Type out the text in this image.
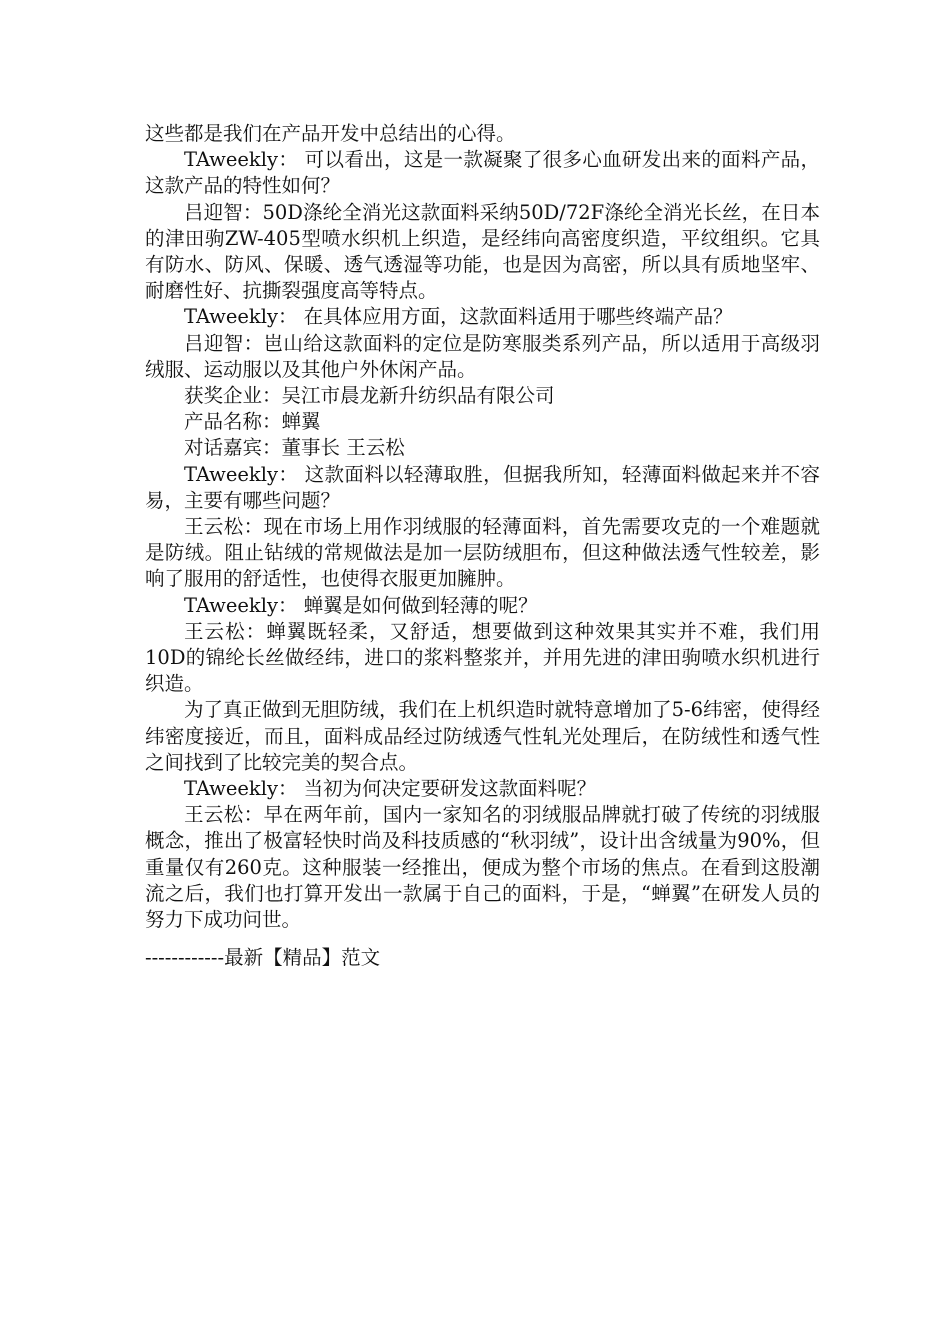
这些都是我们在产品开发中总结出的心得。

TAweekly： 可以看出，这是一款凝聚了很多心血研发出来的面料产品，这款产品的特性如何？

吕迎智：50D涤纶全消光这款面料采纳50D/72F涤纶全消光长丝，在日本的津田驹ZW-405型喷水织机上织造，是经纬向高密度织造，平纹组织。它具有防水、防风、保暖、透气透湿等功能，也是因为高密，所以具有质地坚牢、耐磨性好、抗撕裂强度高等特点。

TAweekly： 在具体应用方面，这款面料适用于哪些终端产品？

吕迎智：岜山给这款面料的定位是防寒服类系列产品，所以适用于高级羽绒服、运动服以及其他户外休闲产品。

获奖企业：吴江市晨龙新升纺织品有限公司

产品名称：蝉翼

对话嘉宾：董事长 王云松

TAweekly： 这款面料以轻薄取胜，但据我所知，轻薄面料做起来并不容易，主要有哪些问题？

王云松：现在市场上用作羽绒服的轻薄面料，首先需要攻克的一个难题就是防绒。阻止钻绒的常规做法是加一层防绒胆布，但这种做法透气性较差，影响了服用的舒适性，也使得衣服更加臃肿。

TAweekly： 蝉翼是如何做到轻薄的呢？

王云松：蝉翼既轻柔，又舒适，想要做到这种效果其实并不难，我们用10D的锦纶长丝做经纬，进口的浆料整浆并，并用先进的津田驹喷水织机进行织造。

为了真正做到无胆防绒，我们在上机织造时就特意增加了5-6纬密，使得经纬密度接近，而且，面料成品经过防绒透气性轧光处理后，在防绒性和透气性之间找到了比较完美的契合点。

TAweekly： 当初为何决定要研发这款面料呢？

王云松：早在两年前，国内一家知名的羽绒服品牌就打破了传统的羽绒服概念，推出了极富轻快时尚及科技质感的“秋羽绒”，设计出含绒量为90%，但重量仅有260克。这种服装一经推出，便成为整个市场的焦点。在看到这股潮流之后，我们也打算开发出一款属于自己的面料，于是，“蝉翼”在研发人员的努力下成功问世。

------------最新【精品】范文
